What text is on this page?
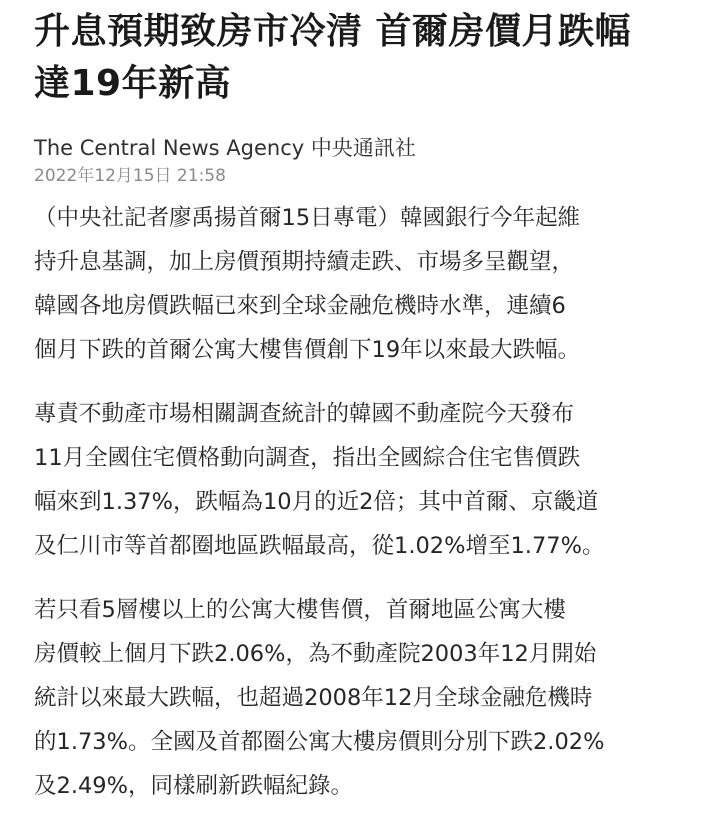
升息預期致房市冷清 首爾房價月跌幅
達19年新高
The Central News Agency 中央通訊社
2022年12月15日 21:58

（中央社記者廖禹揚首爾15日專電）韓國銀行今年起維
持升息基調，加上房價預期持續走跌、市場多呈觀望，
韓國各地房價跌幅已來到全球金融危機時水準，連續6
個月下跌的首爾公寓大樓售價創下19年以來最大跌幅。

專責不動產市場相關調查統計的韓國不動產院今天發布
11月全國住宅價格動向調查，指出全國綜合住宅售價跌
幅來到1.37%，跌幅為10月的近2倍；其中首爾、京畿道
及仁川市等首都圈地區跌幅最高，從1.02%增至1.77%。

若只看5層樓以上的公寓大樓售價，首爾地區公寓大樓
房價較上個月下跌2.06%，為不動產院2003年12月開始
統計以來最大跌幅，也超過2008年12月全球金融危機時
的1.73%。全國及首都圈公寓大樓房價則分別下跌2.02%
及2.49%，同樣刷新跌幅紀錄。
